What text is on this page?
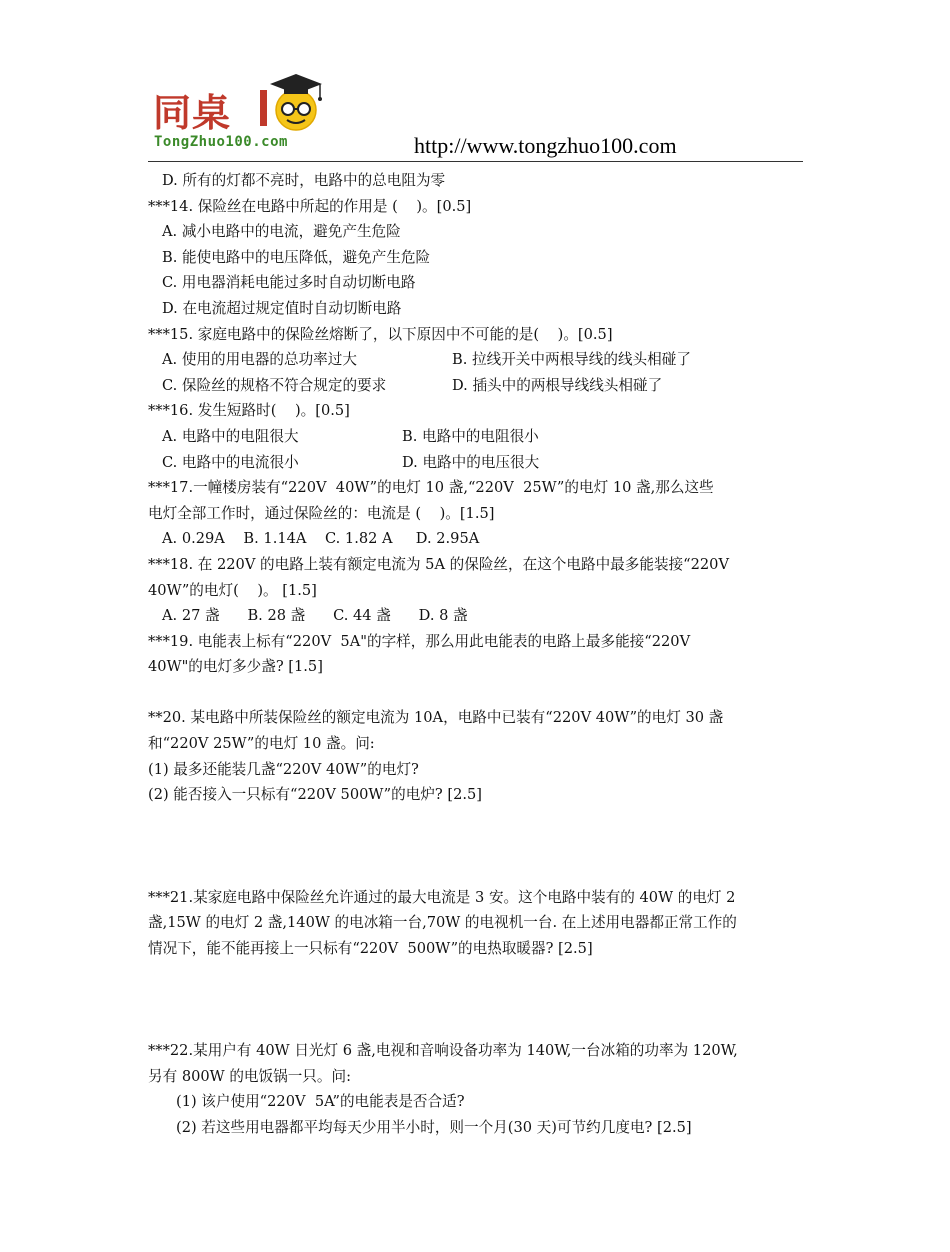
同桌
TongZhuo100.com	http://www.tongzhuo100.com
D. 所有的灯都不亮时，电路中的总电阻为零
***14. 保险丝在电路中所起的作用是 (    )。[0.5]
A. 减小电路中的电流，避免产生危险
B. 能使电路中的电压降低，避免产生危险
C. 用电器消耗电能过多时自动切断电路
D. 在电流超过规定值时自动切断电路
***15. 家庭电路中的保险丝熔断了，以下原因中不可能的是(    )。[0.5]
A. 使用的用电器的总功率过大	B. 拉线开关中两根导线的线头相碰了
C. 保险丝的规格不符合规定的要求	D. 插头中的两根导线线头相碰了
***16. 发生短路时(    )。[0.5]
A. 电路中的电阻很大	B. 电路中的电阻很小
C. 电路中的电流很小	D. 电路中的电压很大
***17.一幢楼房装有“220V  40W”的电灯 10 盏,“220V  25W”的电灯 10 盏,那么这些
电灯全部工作时，通过保险丝的：电流是 (    )。[1.5]
A. 0.29A    B. 1.14A    C. 1.82 A     D. 2.95A
***18. 在 220V 的电路上装有额定电流为 5A 的保险丝，在这个电路中最多能装接“220V
40W”的电灯(    )。 [1.5]
A. 27 盏      B. 28 盏      C. 44 盏      D. 8 盏
***19. 电能表上标有“220V  5A"的字样，那么用此电能表的电路上最多能接“220V
40W"的电灯多少盏? [1.5]
**20. 某电路中所装保险丝的额定电流为 10A，电路中已装有“220V 40W”的电灯 30 盏
和“220V 25W”的电灯 10 盏。问:
(1) 最多还能装几盏“220V 40W”的电灯?
(2) 能否接入一只标有“220V 500W”的电炉? [2.5]
***21.某家庭电路中保险丝允许通过的最大电流是 3 安。这个电路中装有的 40W 的电灯 2
盏,15W 的电灯 2 盏,140W 的电冰箱一台,70W 的电视机一台. 在上述用电器都正常工作的
情况下，能不能再接上一只标有“220V  500W”的电热取暖器? [2.5]
***22.某用户有 40W 日光灯 6 盏,电视和音响设备功率为 140W,一台冰箱的功率为 120W,
另有 800W 的电饭锅一只。问:
(1) 该户使用“220V  5A”的电能表是否合适?
(2) 若这些用电器都平均每天少用半小时，则一个月(30 天)可节约几度电? [2.5]
